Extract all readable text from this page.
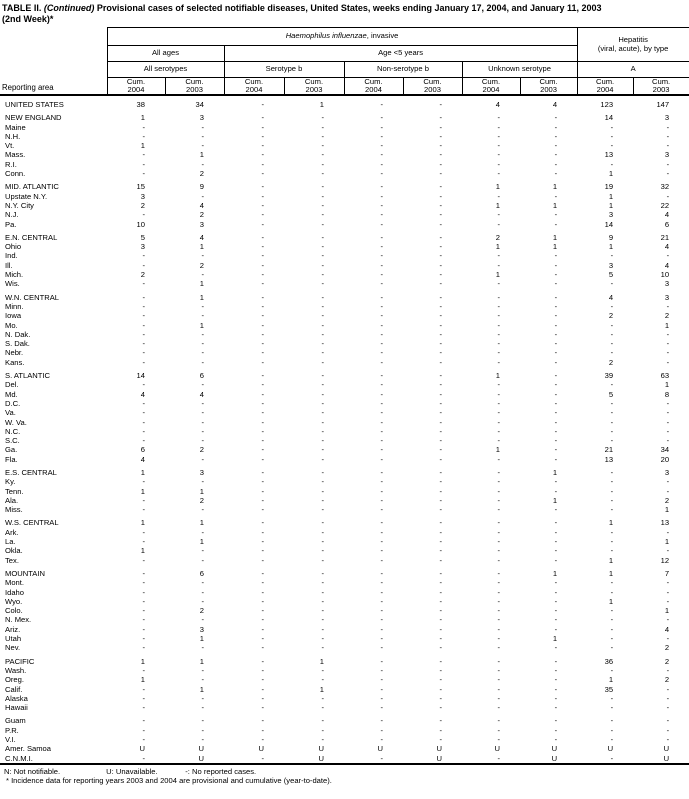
TABLE II. (Continued) Provisional cases of selected notifiable diseases, United States, weeks ending January 17, 2004, and January 11, 2003
(2nd Week)*
Reporting area	Haemophilus influenzae, invasive								Hepatitis
(viral, acute), by type	

	All ages		Age <5 years							
	All serotypes		Serotype b		Non-serotype b		Unknown serotype		A	

	Cum.
2004	Cum.
2003	Cum.
2004	Cum.
2003	Cum.
2004	Cum.
2003	Cum.
2004	Cum.
2003	Cum.
2004	Cum.
2003

UNITED STATES	38	34	-	1	-	-	4	4	123	147
NEW ENGLAND	1	3	-	-	-	-	-	-	14	3
Maine	-	-	-	-	-	-	-	-	-	-
N.H.	-	-	-	-	-	-	-	-	-	-
Vt.	1	-	-	-	-	-	-	-	-	-
Mass.	-	1	-	-	-	-	-	-	13	3
R.I.	-	-	-	-	-	-	-	-	-	-
Conn.	-	2	-	-	-	-	-	-	1	-
MID. ATLANTIC	15	9	-	-	-	-	1	1	19	32
Upstate N.Y.	3	-	-	-	-	-	-	-	1	-
N.Y. City	2	4	-	-	-	-	1	1	1	22
N.J.	-	2	-	-	-	-	-	-	3	4
Pa.	10	3	-	-	-	-	-	-	14	6
E.N. CENTRAL	5	4	-	-	-	-	2	1	9	21
Ohio	3	1	-	-	-	-	1	1	1	4
Ind.	-	-	-	-	-	-	-	-	-	-
Ill.	-	2	-	-	-	-	-	-	3	4
Mich.	2	-	-	-	-	-	1	-	5	10
Wis.	-	1	-	-	-	-	-	-	-	3
W.N. CENTRAL	-	1	-	-	-	-	-	-	4	3
Minn.	-	-	-	-	-	-	-	-	-	-
Iowa	-	-	-	-	-	-	-	-	2	2
Mo.	-	1	-	-	-	-	-	-	-	1
N. Dak.	-	-	-	-	-	-	-	-	-	-
S. Dak.	-	-	-	-	-	-	-	-	-	-
Nebr.	-	-	-	-	-	-	-	-	-	-
Kans.	-	-	-	-	-	-	-	-	2	-
S. ATLANTIC	14	6	-	-	-	-	1	-	39	63
Del.	-	-	-	-	-	-	-	-	-	1
Md.	4	4	-	-	-	-	-	-	5	8
D.C.	-	-	-	-	-	-	-	-	-	-
Va.	-	-	-	-	-	-	-	-	-	-
W. Va.	-	-	-	-	-	-	-	-	-	-
N.C.	-	-	-	-	-	-	-	-	-	-
S.C.	-	-	-	-	-	-	-	-	-	-
Ga.	6	2	-	-	-	-	1	-	21	34
Fla.	4	-	-	-	-	-	-	-	13	20
E.S. CENTRAL	1	3	-	-	-	-	-	1	-	3
Ky.	-	-	-	-	-	-	-	-	-	-
Tenn.	1	1	-	-	-	-	-	-	-	-
Ala.	-	2	-	-	-	-	-	1	-	2
Miss.	-	-	-	-	-	-	-	-	-	1
W.S. CENTRAL	1	1	-	-	-	-	-	-	1	13
Ark.	-	-	-	-	-	-	-	-	-	-
La.	-	1	-	-	-	-	-	-	-	1
Okla.	1	-	-	-	-	-	-	-	-	-
Tex.	-	-	-	-	-	-	-	-	1	12
MOUNTAIN	-	6	-	-	-	-	-	1	1	7
Mont.	-	-	-	-	-	-	-	-	-	-
Idaho	-	-	-	-	-	-	-	-	-	-
Wyo.	-	-	-	-	-	-	-	-	1	-
Colo.	-	2	-	-	-	-	-	-	-	1
N. Mex.	-	-	-	-	-	-	-	-	-	-
Ariz.	-	3	-	-	-	-	-	-	-	4
Utah	-	1	-	-	-	-	-	1	-	-
Nev.	-	-	-	-	-	-	-	-	-	2
PACIFIC	1	1	-	1	-	-	-	-	36	2
Wash.	-	-	-	-	-	-	-	-	-	-
Oreg.	1	-	-	-	-	-	-	-	1	2
Calif.	-	1	-	1	-	-	-	-	35	-
Alaska	-	-	-	-	-	-	-	-	-	-
Hawaii	-	-	-	-	-	-	-	-	-	-
Guam	-	-	-	-	-	-	-	-	-	-
P.R.	-	-	-	-	-	-	-	-	-	-
V.I.	-	-	-	-	-	-	-	-	-	-
Amer. Samoa	U	U	U	U	U	U	U	U	U	U
C.N.M.I.	-	U	-	U	-	U	-	U	-	U
N: Not notifiable.	U: Unavailable.	-: No reported cases.
* Incidence data for reporting years 2003 and 2004 are provisional and cumulative (year-to-date).
